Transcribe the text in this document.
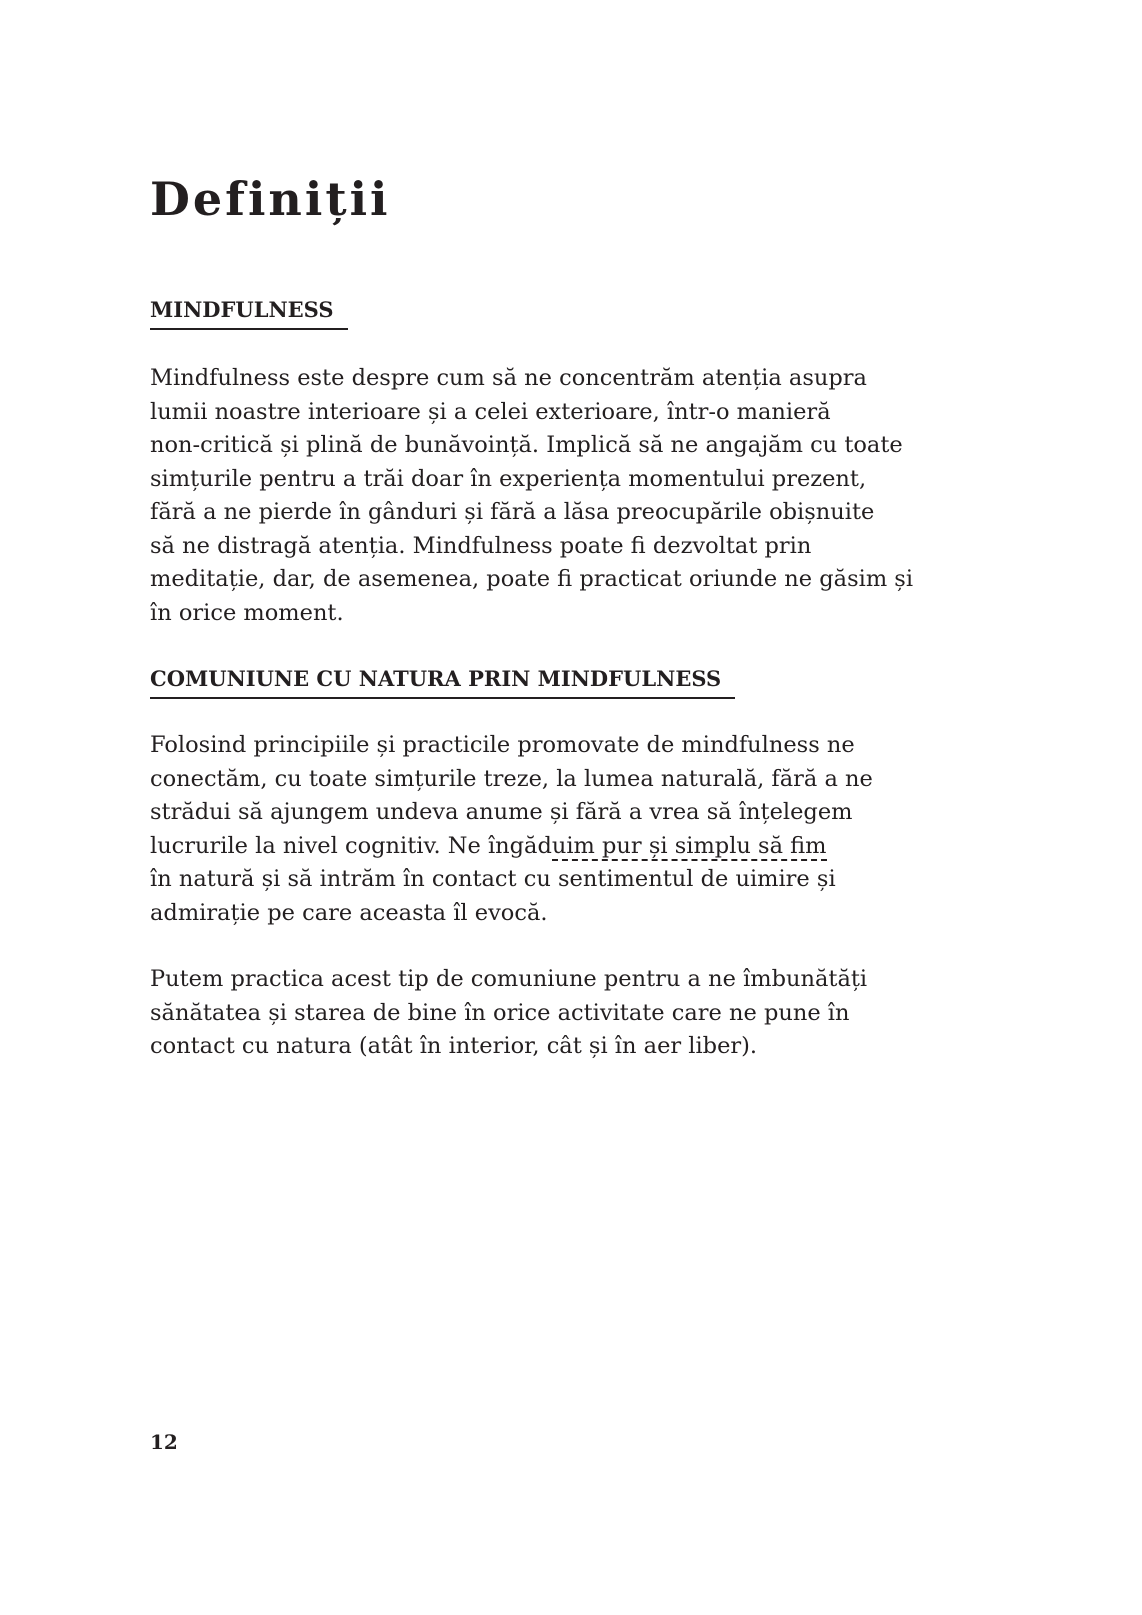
Definiții
MINDFULNESS

Mindfulness este despre cum să ne concentrăm atenția asupra
lumii noastre interioare și a celei exterioare, într-o manieră
non-critică și plină de bunăvoință. Implică să ne angajăm cu toate
simțurile pentru a trăi doar în experiența momentului prezent,
fără a ne pierde în gânduri și fără a lăsa preocupările obișnuite
să ne distragă atenția. Mindfulness poate fi dezvoltat prin
meditație, dar, de asemenea, poate fi practicat oriunde ne găsim și
în orice moment.

COMUNIUNE CU NATURA PRIN MINDFULNESS

Folosind principiile și practicile promovate de mindfulness ne
conectăm, cu toate simțurile treze, la lumea naturală, fără a ne
strădui să ajungem undeva anume și fără a vrea să înțelegem
lucrurile la nivel cognitiv. Ne îngăduim pur și simplu să fim
în natură și să intrăm în contact cu sentimentul de uimire și
admirație pe care aceasta îl evocă.

Putem practica acest tip de comuniune pentru a ne îmbunătăți
sănătatea și starea de bine în orice activitate care ne pune în
contact cu natura (atât în interior, cât și în aer liber).

12
